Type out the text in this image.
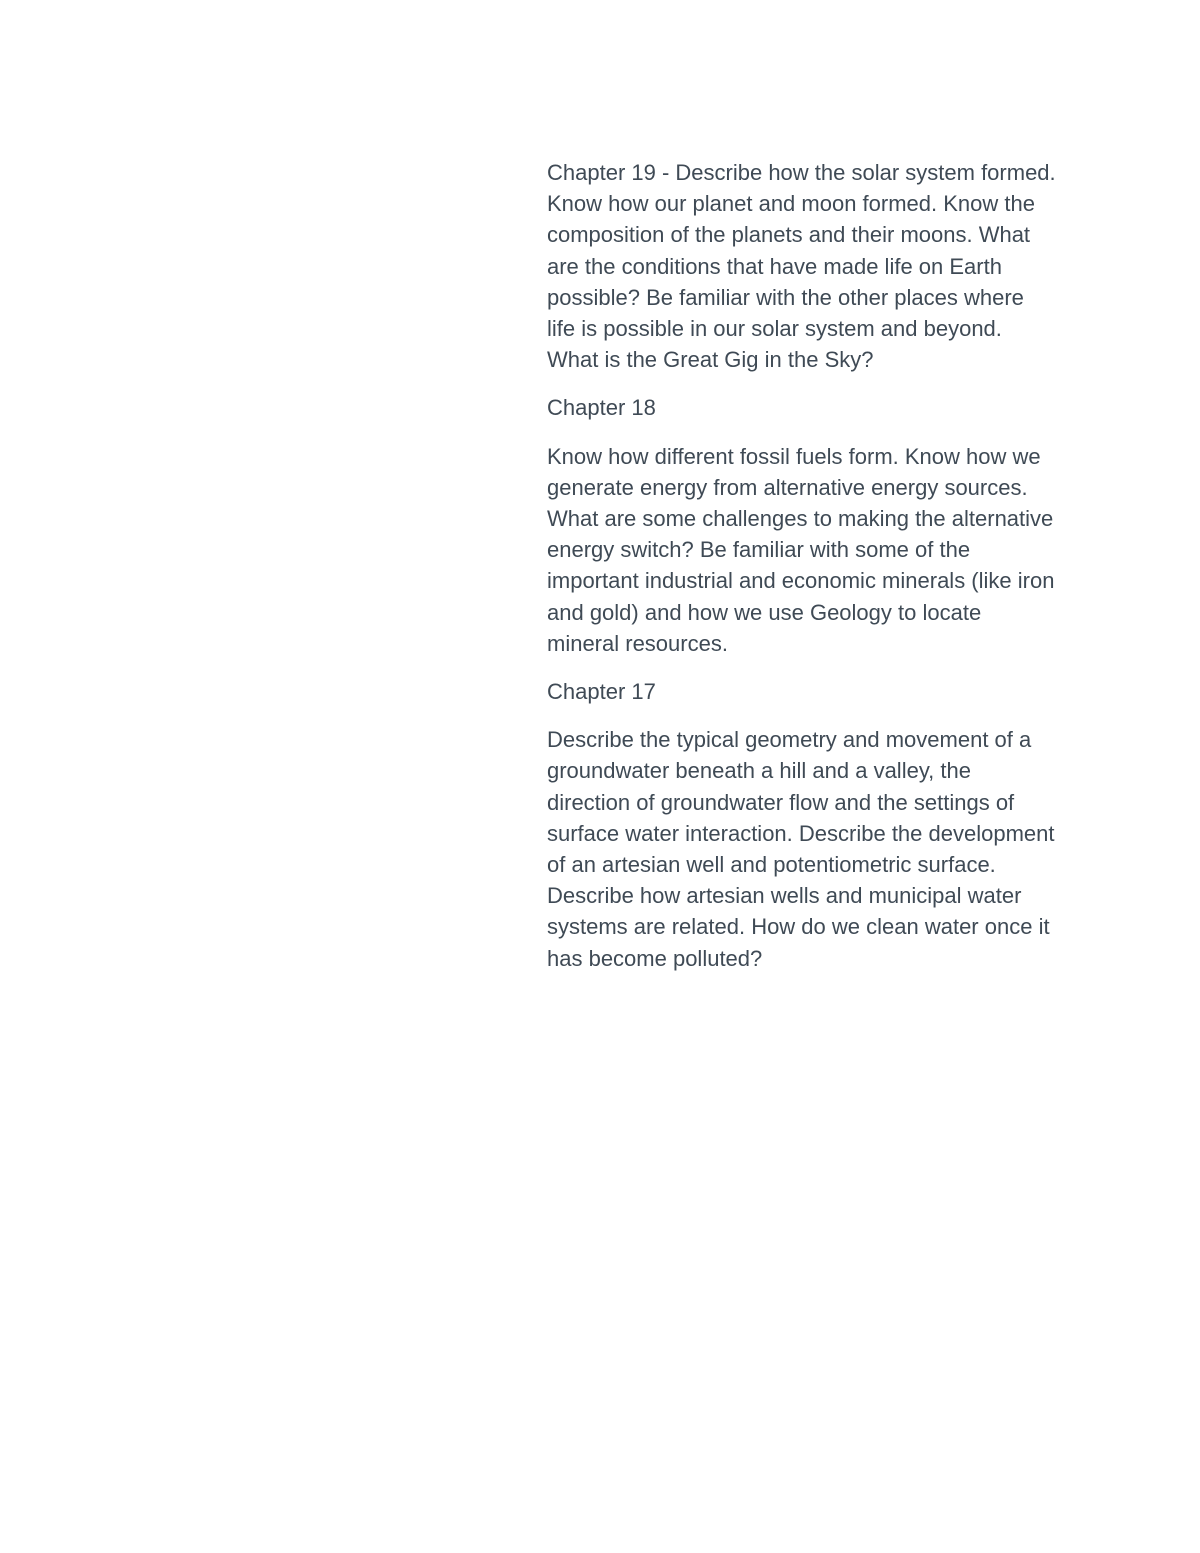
Chapter 19 - Describe how the solar system formed. Know how our planet and moon formed. Know the composition of the planets and their moons. What are the conditions that have made life on Earth possible? Be familiar with the other places where life is possible in our solar system and beyond. What is the Great Gig in the Sky?

Chapter 18

Know how different fossil fuels form. Know how we generate energy from alternative energy sources. What are some challenges to making the alternative energy switch? Be familiar with some of the important industrial and economic minerals (like iron and gold) and how we use Geology to locate mineral resources.

Chapter 17

Describe the typical geometry and movement of a groundwater beneath a hill and a valley, the direction of groundwater flow and the settings of surface water interaction. Describe the development of an artesian well and potentiometric surface. Describe how artesian wells and municipal water systems are related. How do we clean water once it has become polluted?
